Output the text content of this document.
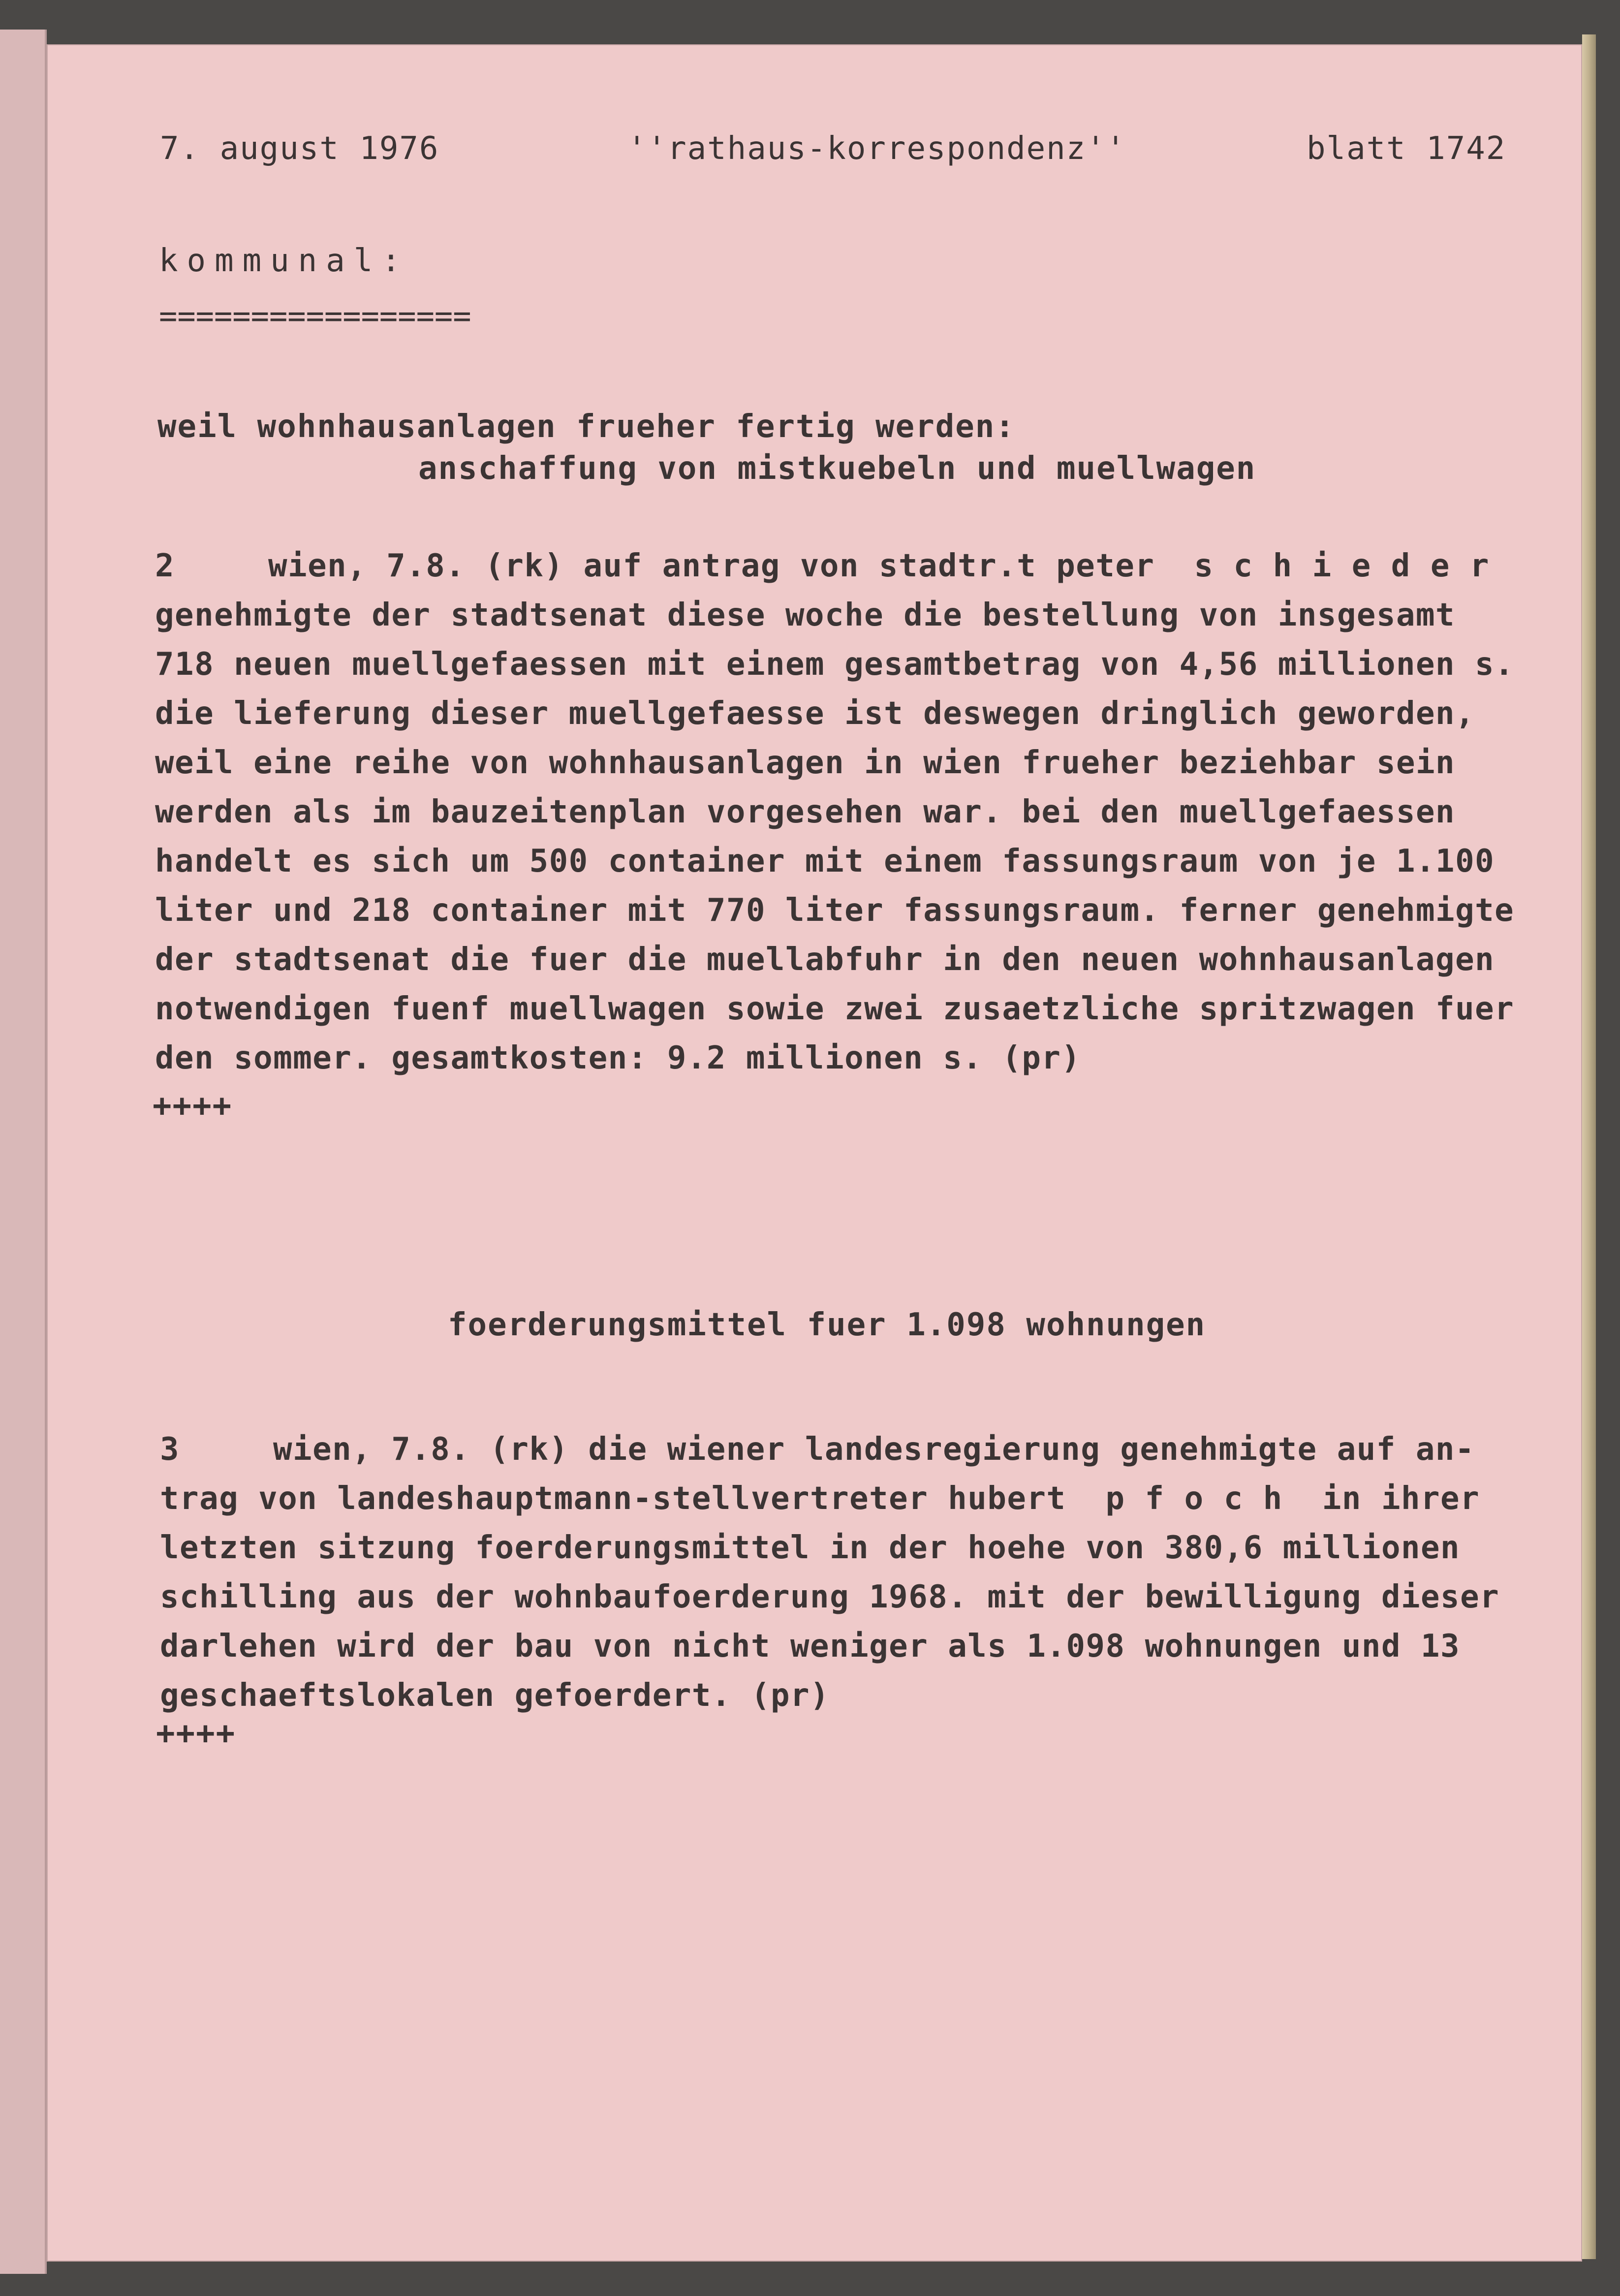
7. august 1976	''rathaus-korrespondenz''	blatt 1742
kommunal:
=================
weil wohnhausanlagen frueher fertig werden:
anschaffung von mistkuebeln und muellwagen
2	wien, 7.8. (rk) auf antrag von stadtr.t peter  s c h i e d e r
genehmigte der stadtsenat diese woche die bestellung von insgesamt
718 neuen muellgefaessen mit einem gesamtbetrag von 4,56 millionen s.
die lieferung dieser muellgefaesse ist deswegen dringlich geworden,
weil eine reihe von wohnhausanlagen in wien frueher beziehbar sein
werden als im bauzeitenplan vorgesehen war. bei den muellgefaessen
handelt es sich um 500 container mit einem fassungsraum von je 1.100
liter und 218 container mit 770 liter fassungsraum. ferner genehmigte
der stadtsenat die fuer die muellabfuhr in den neuen wohnhausanlagen
notwendigen fuenf muellwagen sowie zwei zusaetzliche spritzwagen fuer
den sommer. gesamtkosten: 9.2 millionen s. (pr)
++++
foerderungsmittel fuer 1.098 wohnungen
3	wien, 7.8. (rk) die wiener landesregierung genehmigte auf an-
trag von landeshauptmann-stellvertreter hubert  p f o c h  in ihrer
letzten sitzung foerderungsmittel in der hoehe von 380,6 millionen
schilling aus der wohnbaufoerderung 1968. mit der bewilligung dieser
darlehen wird der bau von nicht weniger als 1.098 wohnungen und 13
geschaeftslokalen gefoerdert. (pr)
++++
